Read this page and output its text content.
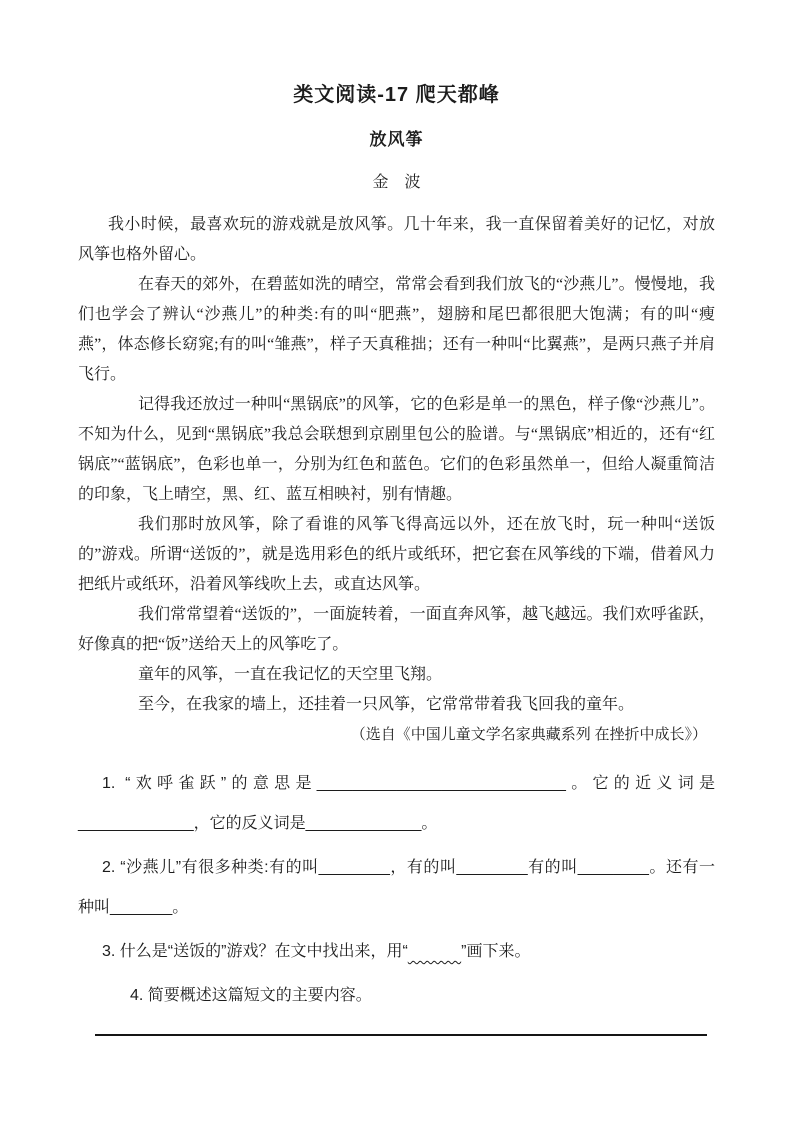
类文阅读-17 爬天都峰
放风筝
金　波

我小时候，最喜欢玩的游戏就是放风筝。几十年来，我一直保留着美好的记忆，对放风筝也格外留心。

在春天的郊外，在碧蓝如洗的晴空，常常会看到我们放飞的“沙燕儿”。慢慢地，我们也学会了辨认“沙燕儿”的种类:有的叫“肥燕”，翅膀和尾巴都很肥大饱满；有的叫“瘦燕”，体态修长窈窕;有的叫“雏燕”，样子天真稚拙；还有一种叫“比翼燕”，是两只燕子并肩飞行。

记得我还放过一种叫“黑锅底”的风筝，它的色彩是单一的黑色，样子像“沙燕儿”。不知为什么，见到“黑锅底”我总会联想到京剧里包公的脸谱。与“黑锅底”相近的，还有“红锅底”“蓝锅底”，色彩也单一，分别为红色和蓝色。它们的色彩虽然单一，但给人凝重简洁的印象，飞上晴空，黑、红、蓝互相映衬，别有情趣。

我们那时放风筝，除了看谁的风筝飞得高远以外，还在放飞时，玩一种叫“送饭的”游戏。所谓“送饭的”，就是选用彩色的纸片或纸环，把它套在风筝线的下端，借着风力把纸片或纸环，沿着风筝线吹上去，或直达风筝。

我们常常望着“送饭的”，一面旋转着，一面直奔风筝，越飞越远。我们欢呼雀跃，好像真的把“饭”送给天上的风筝吃了。

童年的风筝，一直在我记忆的天空里飞翔。

至今，在我家的墙上，还挂着一只风筝，它常常带着我飞回我的童年。

（选自《中国儿童文学名家典藏系列 在挫折中成长》）

1. “欢呼雀跃”的意思是____________________________。它的近义词是_____________，它的反义词是_____________。

2. “沙燕儿”有很多种类:有的叫________，有的叫________有的叫________。还有一种叫_______。

3. 什么是“送饭的”游戏？在文中找出来，用“	”画下来。

4. 简要概述这篇短文的主要内容。
